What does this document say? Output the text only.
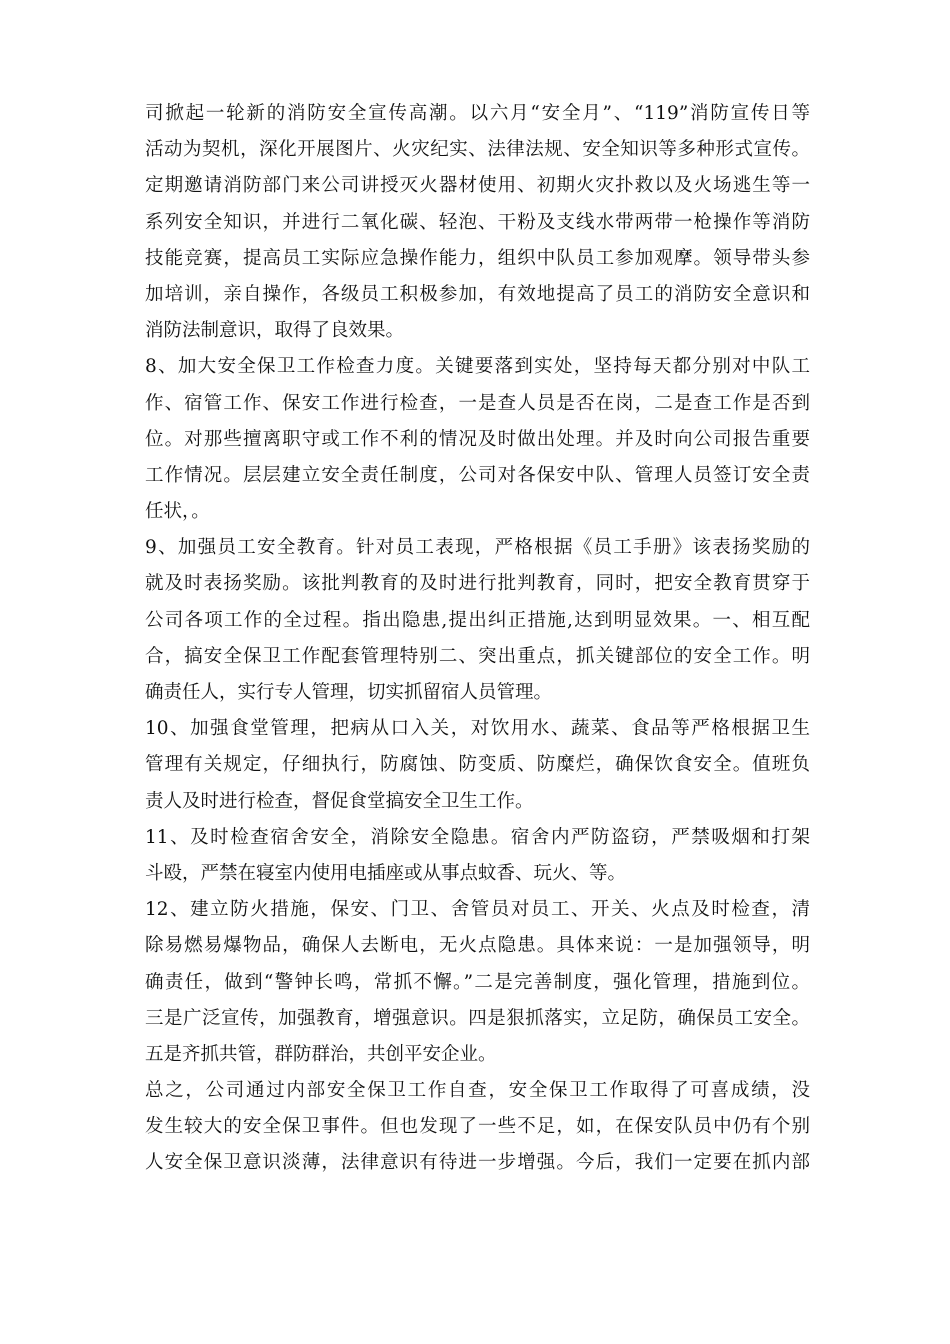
司掀起一轮新的消防安全宣传高潮。以六月“安全月”、“119”消防宣传日等
活动为契机，深化开展图片、火灾纪实、法律法规、安全知识等多种形式宣传。
定期邀请消防部门来公司讲授灭火器材使用、初期火灾扑救以及火场逃生等一
系列安全知识，并进行二氧化碳、轻泡、干粉及支线水带两带一枪操作等消防
技能竞赛，提高员工实际应急操作能力，组织中队员工参加观摩。领导带头参
加培训，亲自操作，各级员工积极参加，有效地提高了员工的消防安全意识和
消防法制意识，取得了良效果。
8、加大安全保卫工作检查力度。关键要落到实处，坚持每天都分别对中队工
作、宿管工作、保安工作进行检查，一是查人员是否在岗，二是查工作是否到
位。对那些擅离职守或工作不利的情况及时做出处理。并及时向公司报告重要
工作情况。层层建立安全责任制度，公司对各保安中队、管理人员签订安全责
任状，。
9、加强员工安全教育。针对员工表现，严格根据《员工手册》该表扬奖励的
就及时表扬奖励。该批判教育的及时进行批判教育，同时，把安全教育贯穿于
公司各项工作的全过程。指出隐患,提出纠正措施,达到明显效果。一、相互配
合，搞安全保卫工作配套管理特别二、突出重点，抓关键部位的安全工作。明
确责任人，实行专人管理，切实抓留宿人员管理。
10、加强食堂管理，把病从口入关，对饮用水、蔬菜、食品等严格根据卫生
管理有关规定，仔细执行，防腐蚀、防变质、防糜烂，确保饮食安全。值班负
责人及时进行检查，督促食堂搞安全卫生工作。
11、及时检查宿舍安全，消除安全隐患。宿舍内严防盗窃，严禁吸烟和打架
斗殴，严禁在寝室内使用电插座或从事点蚊香、玩火、等。
12、建立防火措施，保安、门卫、舍管员对员工、开关、火点及时检查，清
除易燃易爆物品，确保人去断电，无火点隐患。具体来说：一是加强领导，明
确责任，做到“警钟长鸣，常抓不懈。”二是完善制度，强化管理，措施到位。
三是广泛宣传，加强教育，增强意识。四是狠抓落实，立足防，确保员工安全。
五是齐抓共管，群防群治，共创平安企业。
总之，公司通过内部安全保卫工作自查，安全保卫工作取得了可喜成绩，没
发生较大的安全保卫事件。但也发现了一些不足，如，在保安队员中仍有个别
人安全保卫意识淡薄，法律意识有待进一步增强。今后，我们一定要在抓内部
